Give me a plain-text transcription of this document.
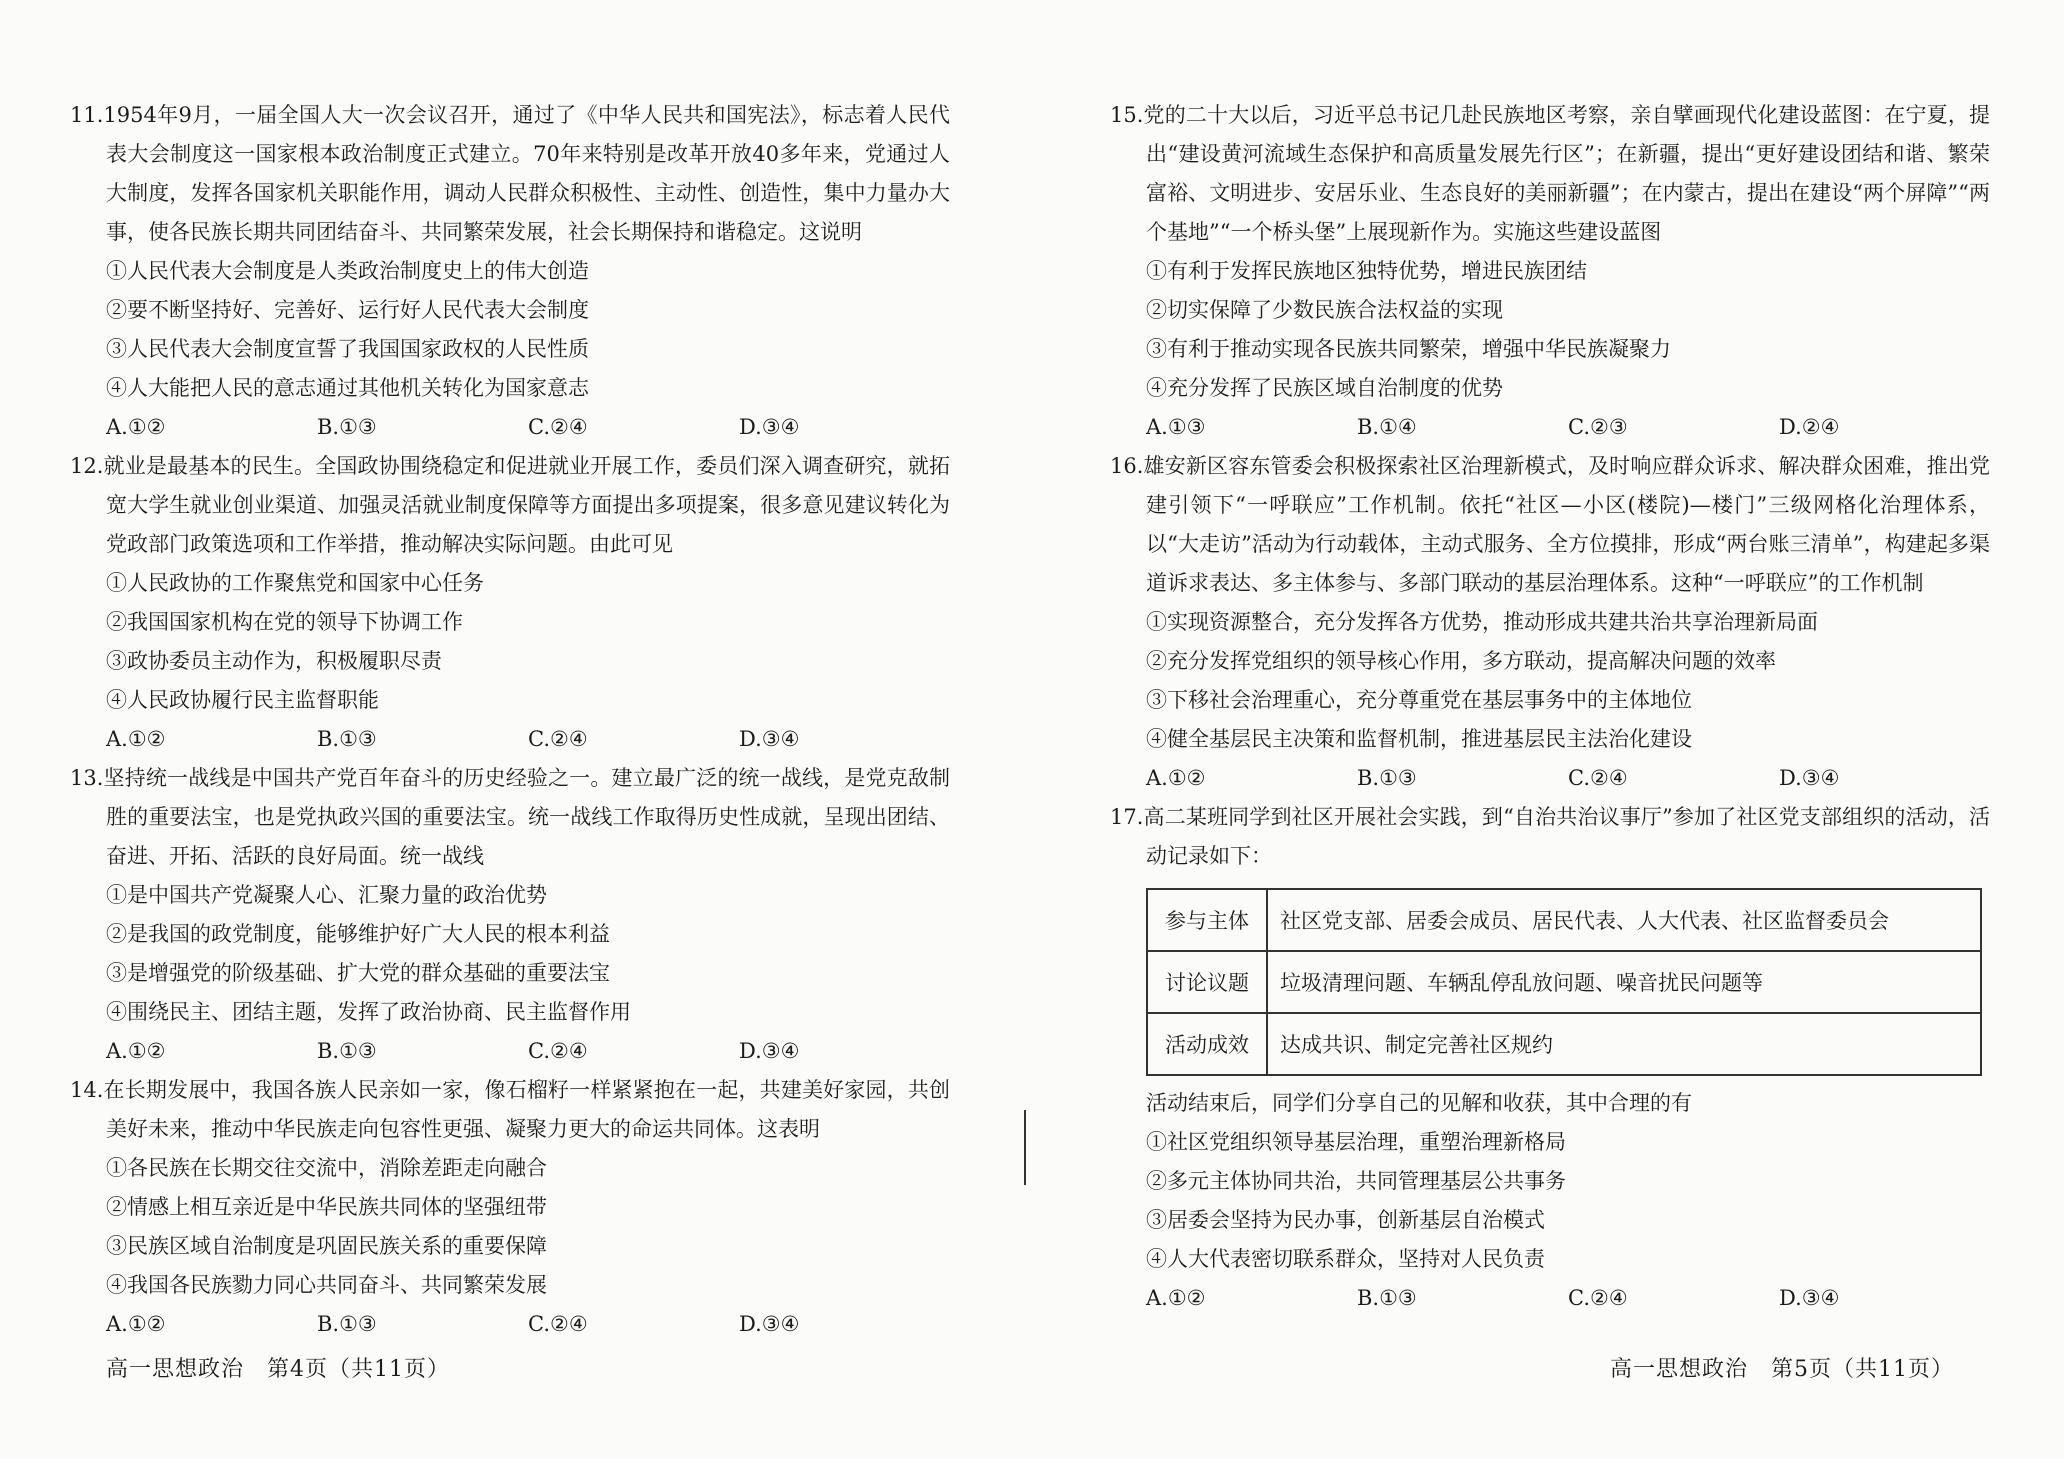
11.1954年9月，一届全国人大一次会议召开，通过了《中华人民共和国宪法》，标志着人民代表大会制度这一国家根本政治制度正式建立。70年来特别是改革开放40多年来，党通过人大制度，发挥各国家机关职能作用，调动人民群众积极性、主动性、创造性，集中力量办大事，使各民族长期共同团结奋斗、共同繁荣发展，社会长期保持和谐稳定。这说明

①人民代表大会制度是人类政治制度史上的伟大创造

②要不断坚持好、完善好、运行好人民代表大会制度

③人民代表大会制度宣誓了我国国家政权的人民性质

④人大能把人民的意志通过其他机关转化为国家意志

A.①②	B.①③	C.②④	D.③④

12.就业是最基本的民生。全国政协围绕稳定和促进就业开展工作，委员们深入调查研究，就拓宽大学生就业创业渠道、加强灵活就业制度保障等方面提出多项提案，很多意见建议转化为党政部门政策选项和工作举措，推动解决实际问题。由此可见

①人民政协的工作聚焦党和国家中心任务

②我国国家机构在党的领导下协调工作

③政协委员主动作为，积极履职尽责

④人民政协履行民主监督职能

A.①②	B.①③	C.②④	D.③④

13.坚持统一战线是中国共产党百年奋斗的历史经验之一。建立最广泛的统一战线，是党克敌制胜的重要法宝，也是党执政兴国的重要法宝。统一战线工作取得历史性成就，呈现出团结、奋进、开拓、活跃的良好局面。统一战线

①是中国共产党凝聚人心、汇聚力量的政治优势

②是我国的政党制度，能够维护好广大人民的根本利益

③是增强党的阶级基础、扩大党的群众基础的重要法宝

④围绕民主、团结主题，发挥了政治协商、民主监督作用

A.①②	B.①③	C.②④	D.③④

14.在长期发展中，我国各族人民亲如一家，像石榴籽一样紧紧抱在一起，共建美好家园，共创美好未来，推动中华民族走向包容性更强、凝聚力更大的命运共同体。这表明

①各民族在长期交往交流中，消除差距走向融合

②情感上相互亲近是中华民族共同体的坚强纽带

③民族区域自治制度是巩固民族关系的重要保障

④我国各民族勠力同心共同奋斗、共同繁荣发展

A.①②	B.①③	C.②④	D.③④
高一思想政治　第4页（共11页）

15.党的二十大以后，习近平总书记几赴民族地区考察，亲自擘画现代化建设蓝图：在宁夏，提出“建设黄河流域生态保护和高质量发展先行区”；在新疆，提出“更好建设团结和谐、繁荣富裕、文明进步、安居乐业、生态良好的美丽新疆”；在内蒙古，提出在建设“两个屏障”“两个基地”“一个桥头堡”上展现新作为。实施这些建设蓝图

①有利于发挥民族地区独特优势，增进民族团结

②切实保障了少数民族合法权益的实现

③有利于推动实现各民族共同繁荣，增强中华民族凝聚力

④充分发挥了民族区域自治制度的优势

A.①③	B.①④	C.②③	D.②④

16.雄安新区容东管委会积极探索社区治理新模式，及时响应群众诉求、解决群众困难，推出党建引领下“一呼联应”工作机制。依托“社区—小区(楼院)—楼门”三级网格化治理体系，以“大走访”活动为行动载体，主动式服务、全方位摸排，形成“两台账三清单”，构建起多渠道诉求表达、多主体参与、多部门联动的基层治理体系。这种“一呼联应”的工作机制

①实现资源整合，充分发挥各方优势，推动形成共建共治共享治理新局面

②充分发挥党组织的领导核心作用，多方联动，提高解决问题的效率

③下移社会治理重心，充分尊重党在基层事务中的主体地位

④健全基层民主决策和监督机制，推进基层民主法治化建设

A.①②	B.①③	C.②④	D.③④

17.高二某班同学到社区开展社会实践，到“自治共治议事厅”参加了社区党支部组织的活动，活动记录如下：

参与主体	社区党支部、居委会成员、居民代表、人大代表、社区监督委员会
讨论议题	垃圾清理问题、车辆乱停乱放问题、噪音扰民问题等
活动成效	达成共识、制定完善社区规约

活动结束后，同学们分享自己的见解和收获，其中合理的有

①社区党组织领导基层治理，重塑治理新格局

②多元主体协同共治，共同管理基层公共事务

③居委会坚持为民办事，创新基层自治模式

④人大代表密切联系群众，坚持对人民负责

A.①②	B.①③	C.②④	D.③④
高一思想政治　第5页（共11页）
